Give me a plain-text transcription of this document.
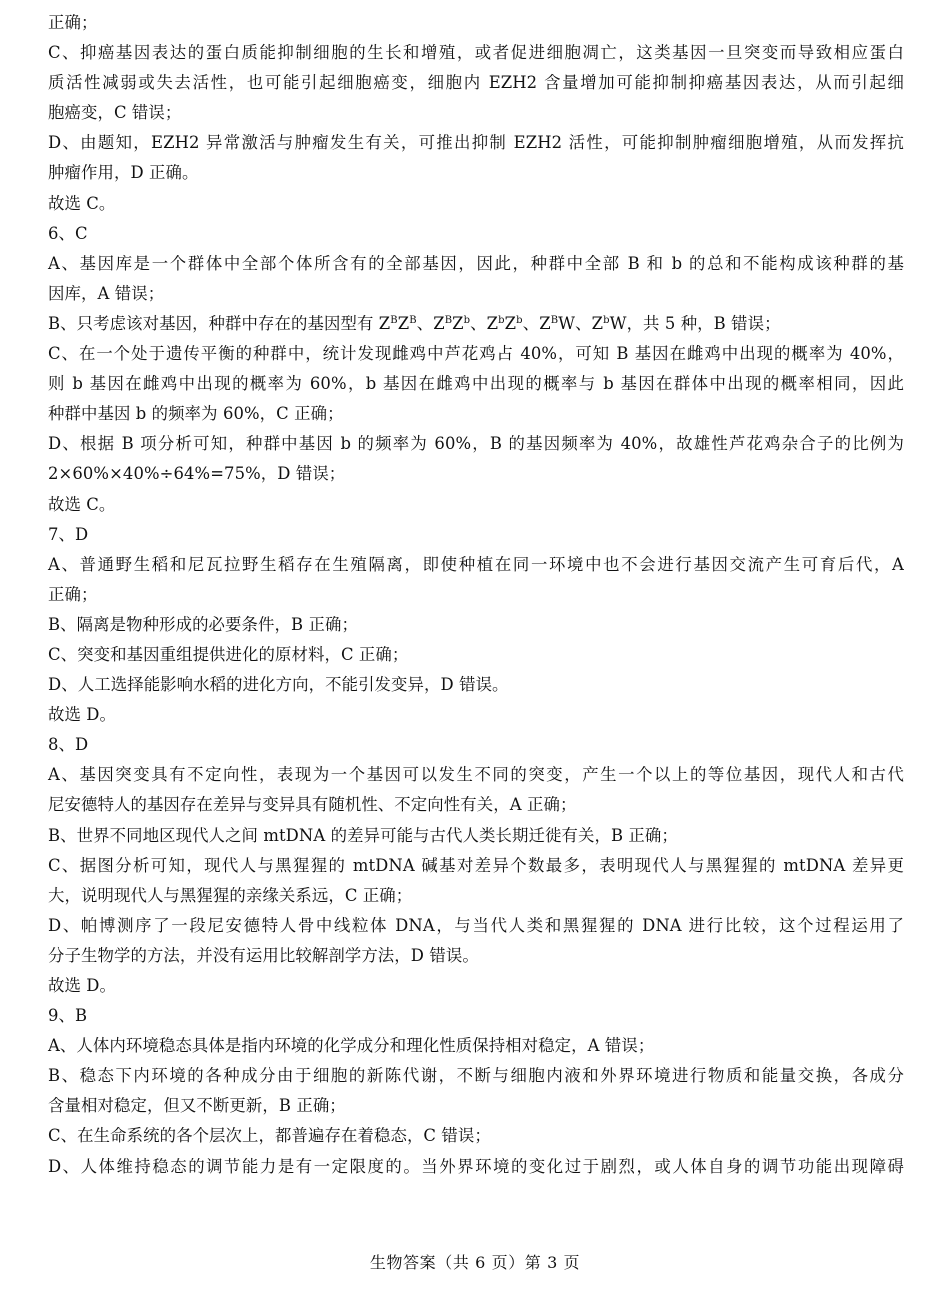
正确；
C、抑癌基因表达的蛋白质能抑制细胞的生长和增殖，或者促进细胞凋亡，这类基因一旦突变而导致相应蛋白
质活性减弱或失去活性，也可能引起细胞癌变，细胞内 EZH2 含量增加可能抑制抑癌基因表达，从而引起细
胞癌变，C 错误；
D、由题知，EZH2 异常激活与肿瘤发生有关，可推出抑制 EZH2 活性，可能抑制肿瘤细胞增殖，从而发挥抗
肿瘤作用，D 正确。
故选 C。
6、C
A、基因库是一个群体中全部个体所含有的全部基因，因此，种群中全部 B 和 b 的总和不能构成该种群的基
因库，A 错误；
B、只考虑该对基因，种群中存在的基因型有 $Z^BZ^B$、$Z^BZ^b$、$Z^bZ^b$、$Z^BW$、$Z^bW$，共 5 种，B 错误；
C、在一个处于遗传平衡的种群中，统计发现雌鸡中芦花鸡占 40%，可知 B 基因在雌鸡中出现的概率为 40%，
则 b 基因在雌鸡中出现的概率为 60%，b 基因在雌鸡中出现的概率与 b 基因在群体中出现的概率相同，因此
种群中基因 b 的频率为 60%，C 正确；
D、根据 B 项分析可知，种群中基因 b 的频率为 60%，B 的基因频率为 40%，故雄性芦花鸡杂合子的比例为
2×60%×40%÷64%=75%，D 错误；
故选 C。
7、D
A、普通野生稻和尼瓦拉野生稻存在生殖隔离，即使种植在同一环境中也不会进行基因交流产生可育后代，A
正确；
B、隔离是物种形成的必要条件，B 正确；
C、突变和基因重组提供进化的原材料，C 正确；
D、人工选择能影响水稻的进化方向，不能引发变异，D 错误。
故选 D。
8、D
A、基因突变具有不定向性，表现为一个基因可以发生不同的突变，产生一个以上的等位基因，现代人和古代
尼安德特人的基因存在差异与变异具有随机性、不定向性有关，A 正确；
B、世界不同地区现代人之间 mtDNA 的差异可能与古代人类长期迁徙有关，B 正确；
C、据图分析可知，现代人与黑猩猩的 mtDNA 碱基对差异个数最多，表明现代人与黑猩猩的 mtDNA 差异更
大，说明现代人与黑猩猩的亲缘关系远，C 正确；
D、帕博测序了一段尼安德特人骨中线粒体 DNA，与当代人类和黑猩猩的 DNA 进行比较，这个过程运用了
分子生物学的方法，并没有运用比较解剖学方法，D 错误。
故选 D。
9、B
A、人体内环境稳态具体是指内环境的化学成分和理化性质保持相对稳定，A 错误；
B、稳态下内环境的各种成分由于细胞的新陈代谢，不断与细胞内液和外界环境进行物质和能量交换，各成分
含量相对稳定，但又不断更新，B 正确；
C、在生命系统的各个层次上，都普遍存在着稳态，C 错误；
D、人体维持稳态的调节能力是有一定限度的。当外界环境的变化过于剧烈，或人体自身的调节功能出现障碍
生物答案（共 6 页）第 3 页
